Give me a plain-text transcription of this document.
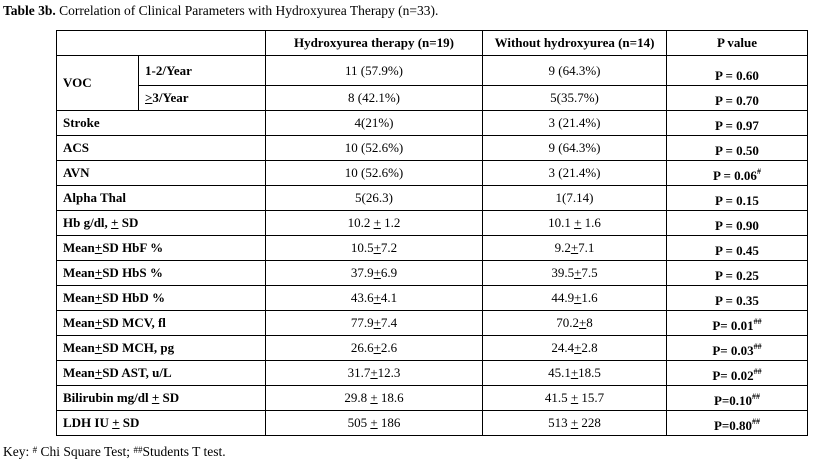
Table 3b. Correlation of Clinical Parameters with Hydroxyurea Therapy (n=33).
		Hydroxyurea therapy (n=19)	Without hydroxyurea (n=14)	P value
VOC	1-2/Year	11 (57.9%)	9 (64.3%)	P = 0.60
	>3/Year	8 (42.1%)	5(35.7%)	P = 0.70
Stroke		4(21%)	3 (21.4%)	P = 0.97
ACS		10 (52.6%)	9 (64.3%)	P = 0.50
AVN		10 (52.6%)	3 (21.4%)	P = 0.06#
Alpha Thal		5(26.3)	1(7.14)	P = 0.15
Hb g/dl, + SD		10.2 + 1.2	10.1 + 1.6	P = 0.90
Mean+SD HbF %		10.5+7.2	9.2+7.1	P = 0.45
Mean+SD HbS %		37.9+6.9	39.5+7.5	P = 0.25
Mean+SD HbD %		43.6+4.1	44.9+1.6	P = 0.35
Mean+SD MCV, fl		77.9+7.4	70.2+8	P= 0.01##
Mean+SD MCH, pg		26.6+2.6	24.4+2.8	P= 0.03##
Mean+SD AST, u/L		31.7+12.3	45.1+18.5	P= 0.02##
Bilirubin mg/dl + SD		29.8 + 18.6	41.5 + 15.7	P=0.10##
LDH IU + SD		505 + 186	513 + 228	P=0.80##
Key: # Chi Square Test; ##Students T test.
